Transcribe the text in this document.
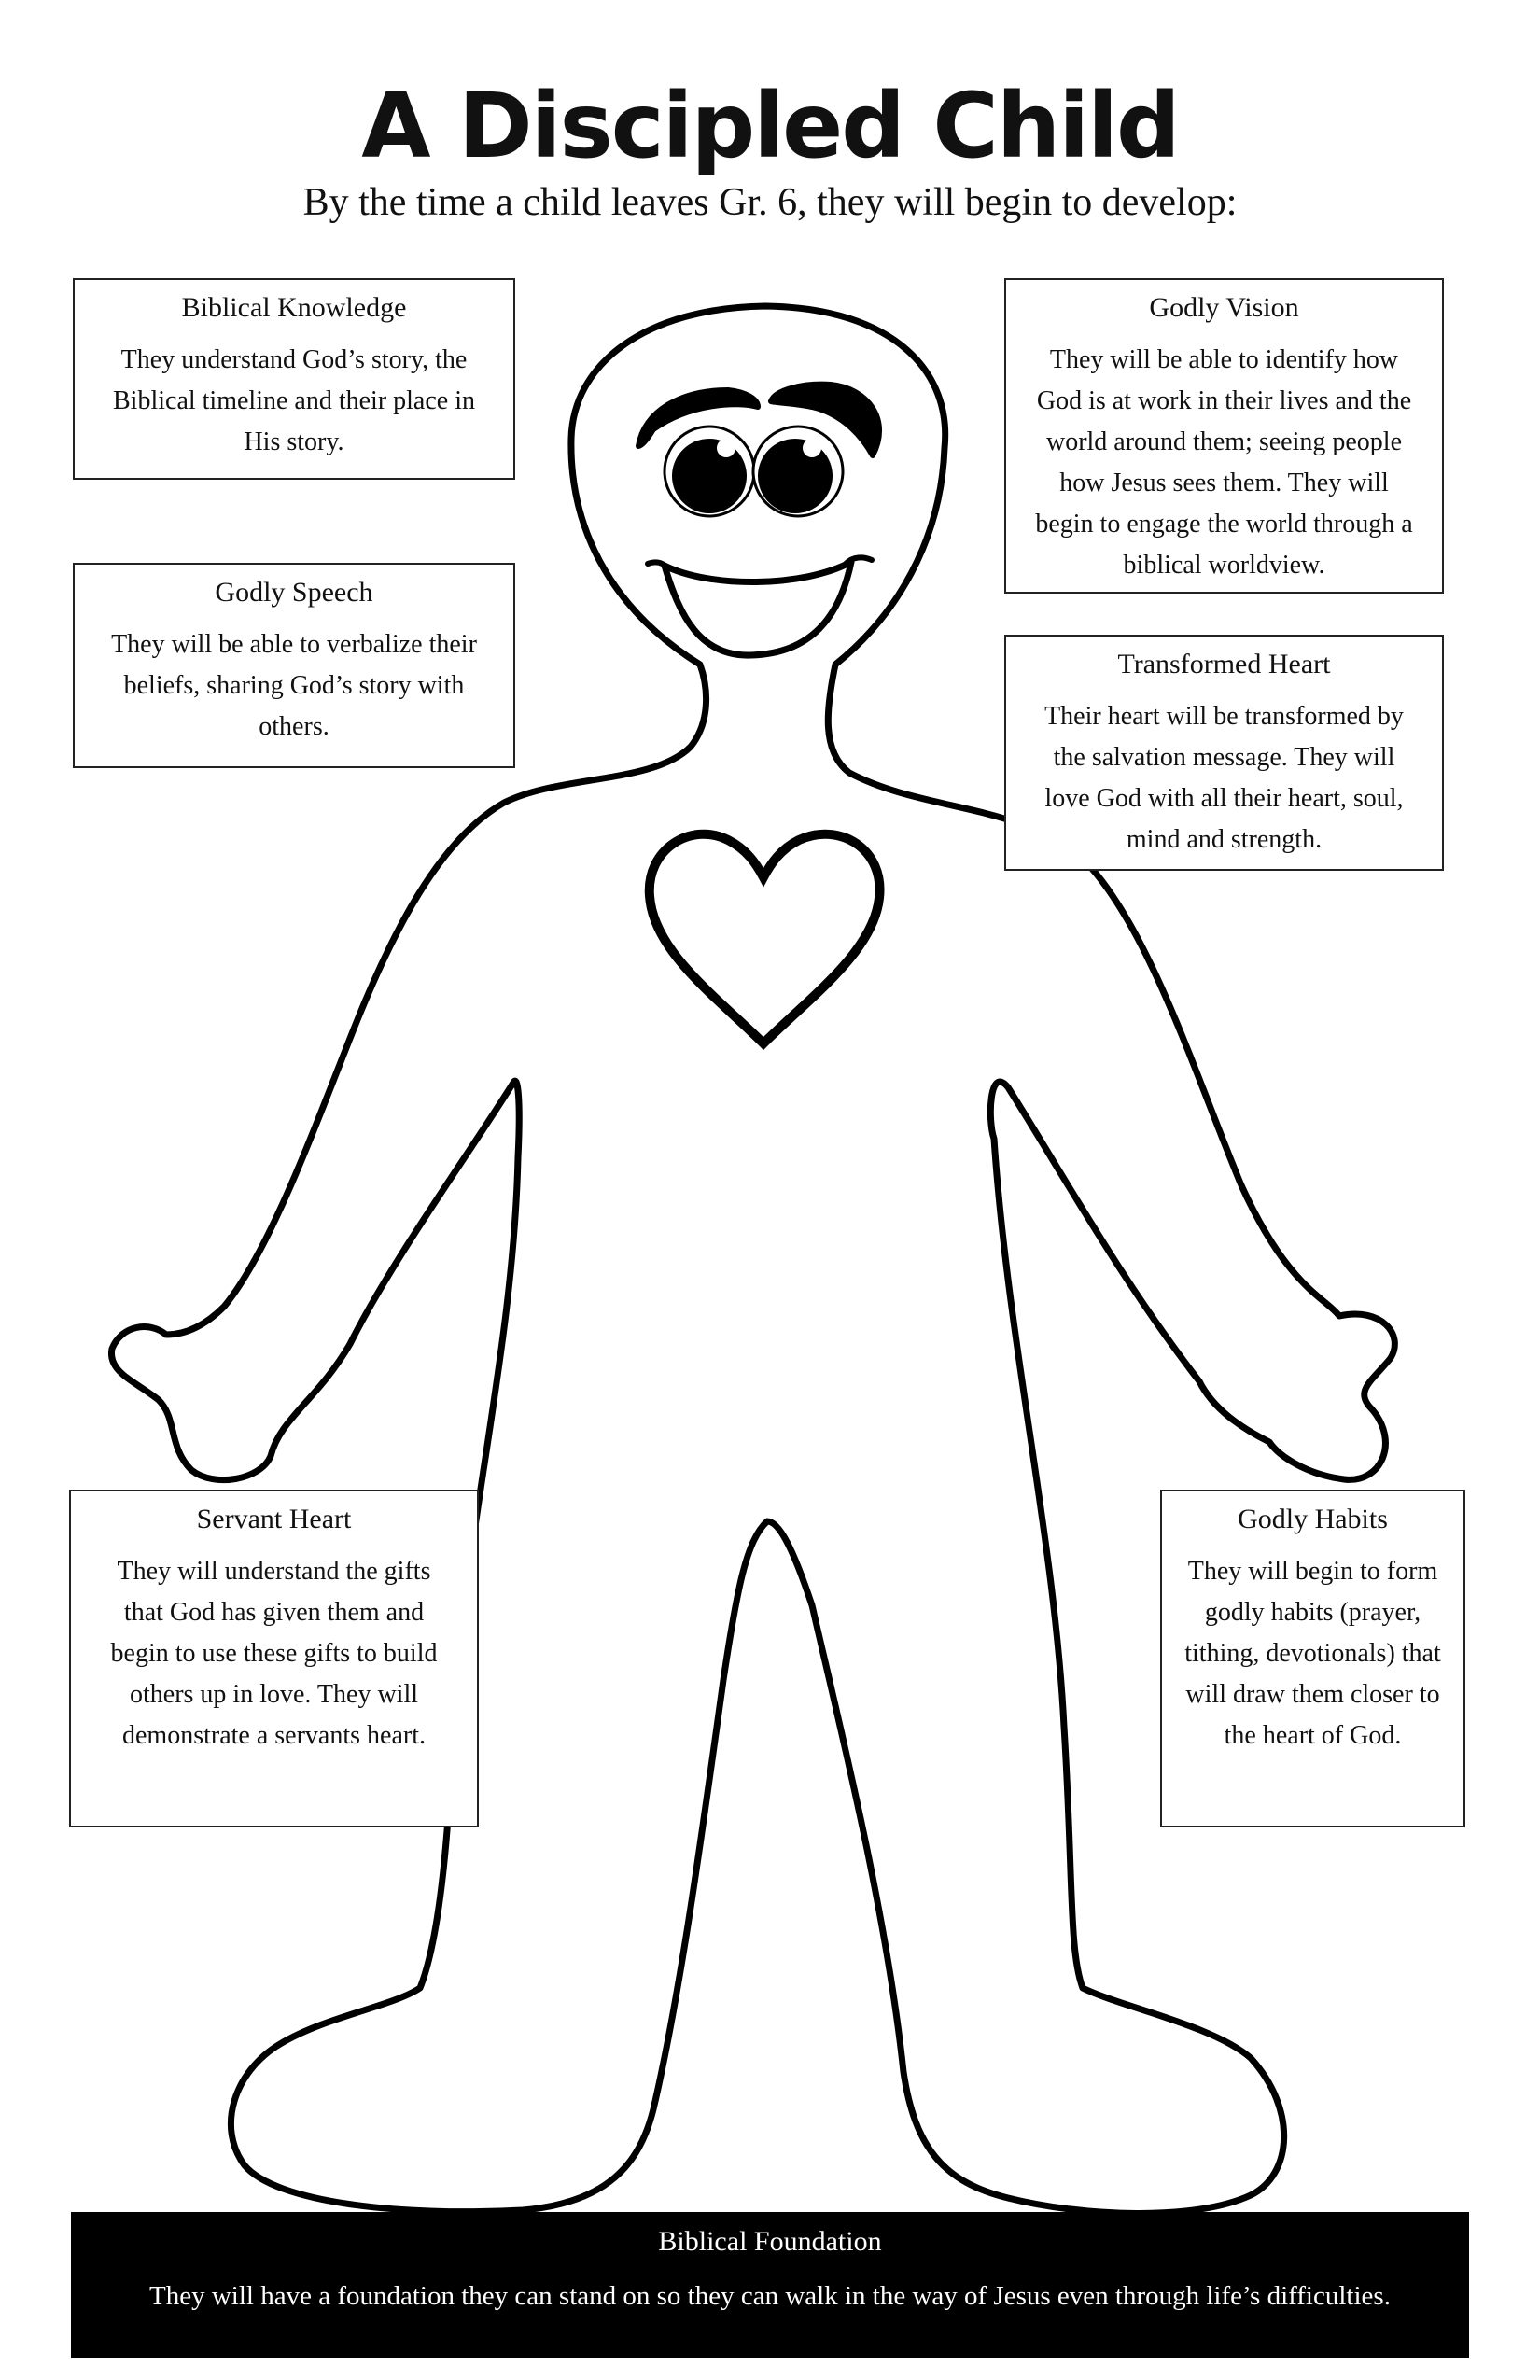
A Discipled Child
By the time a child leaves Gr. 6, they will begin to develop:
Biblical Knowledge

They understand God’s story, the Biblical timeline and their place in His story.

Godly Speech

They will be able to verbalize their beliefs, sharing God’s story with others.

Godly Vision

They will be able to identify how God is at work in their lives and the world around them; seeing people how Jesus sees them. They will begin to engage the world through a biblical worldview.

Transformed Heart

Their heart will be transformed by the salvation message. They will love God with all their heart, soul, mind and strength.

Servant Heart

They will understand the gifts that God has given them and begin to use these gifts to build others up in love. They will demonstrate a servants heart.

Godly Habits

They will begin to form godly habits (prayer, tithing, devotionals) that will draw them closer to the heart of God.

Biblical Foundation

They will have a foundation they can stand on so they can walk in the way of Jesus even through life’s difficulties.
